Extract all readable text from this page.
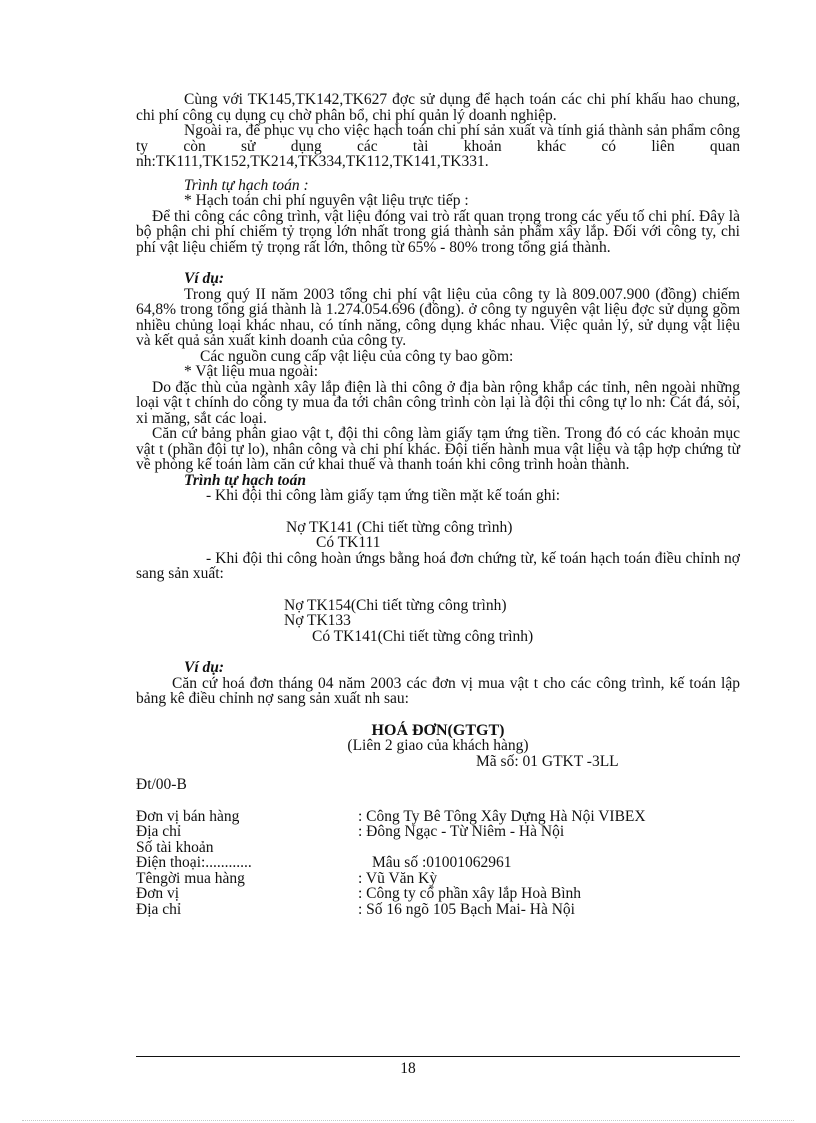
Cùng với TK145,TK142,TK627 đợc sử dụng để hạch toán các chi phí khấu hao chung, chi phí công cụ dụng cụ chờ phân bổ, chi phí quản lý doanh nghiệp.

Ngoài ra, để phục vụ cho việc hạch toán chi phí sản xuất và tính giá thành sản phẩm công ty còn sử dụng các tài khoản khác có liên quan nh:TK111,TK152,TK214,TK334,TK112,TK141,TK331.

Trình tự hạch toán :

* Hạch toán chi phí nguyên vật liệu trực tiếp :

Để thi công các công trình, vật liệu đóng vai trò rất quan trọng trong các yếu tố chi phí. Đây là bộ phận chi phí chiếm tỷ trọng lớn nhất trong giá thành sản phẩm xây lắp. Đối với công ty, chi phí vật liệu chiếm tỷ trọng rất lớn, thông từ 65% - 80% trong tổng giá thành.

Ví dụ:

Trong quý II năm 2003 tổng chi phí vật liệu của công ty là 809.007.900 (đồng) chiếm 64,8% trong tổng giá thành là 1.274.054.696 (đồng). ở công ty nguyên vật liệu đợc sử dụng gồm nhiều chủng loại khác nhau, có tính năng, công dụng khác nhau. Việc quản lý, sử dụng vật liệu và kết quả sản xuất kinh doanh của công ty.

Các nguồn cung cấp vật liệu của công ty bao gồm:

* Vật liệu mua ngoài:

Do đặc thù của ngành xây lắp điện là thi công ở địa bàn rộng khắp các tỉnh, nên ngoài những loại vật t chính do công ty mua đa tới chân công trình còn lại là đội thi công tự lo nh: Cát đá, sỏi, xi măng, sắt các loại.

Căn cứ bảng phân giao vật t, đội thi công làm giấy tạm ứng tiền. Trong đó có các khoản mục vật t (phần đội tự lo), nhân công và chi phí khác. Đội tiến hành mua vật liệu và tập hợp chứng từ về phòng kế toán làm căn cứ khai thuế và thanh toán khi công trình hoàn thành.

Trình tự hạch toán

- Khi đội thi công làm giấy tạm ứng tiền mặt kế toán ghi:

Nợ TK141 (Chi tiết từng công trình)

Có TK111

- Khi đội thi công hoàn ứngs bằng hoá đơn chứng từ, kế toán hạch toán điều chỉnh nợ sang sản xuất:

Nợ TK154(Chi tiết từng công trình)

Nợ TK133

Có TK141(Chi tiết từng công trình)

Ví dụ:

Căn cứ hoá đơn tháng 04 năm 2003 các đơn vị mua vật t cho các công trình, kế toán lập bảng kê điều chỉnh nợ sang sản xuất nh sau:

HOÁ ĐƠN(GTGT)

(Liên 2 giao của khách hàng)

Mã số: 01 GTKT -3LL

Đt/00-B

Đơn vị bán hàng	: Công Ty Bê Tông Xây Dựng Hà Nội VIBEX
Địa chỉ	: Đông Ngạc - Từ Niêm - Hà Nội
Số tài khoản
Điện thoại:............	Mâu số :01001062961
Têngời mua hàng	: Vũ Văn Kỳ
Đơn vị	: Công ty cổ phần xây lắp Hoà Bình
Địa chỉ	: Số 16 ngõ 105 Bạch Mai- Hà Nội
18
